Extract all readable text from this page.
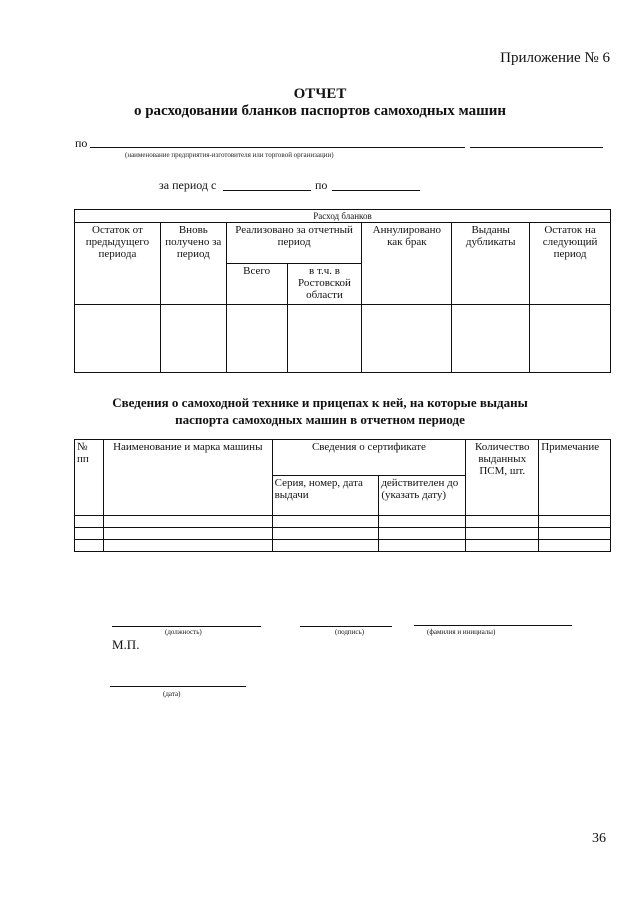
Приложение № 6
ОТЧЕТ
о расходовании бланков паспортов самоходных машин
по
(наименование предприятия-изготовителя или торговой организации)
за период с	по
Расход бланков						
Остаток от предыдущего периода	Вновь получено за период	Реализовано за отчетный период		Аннулировано как брак	Выданы дубликаты	Остаток на следующий период
		Всего	в т.ч. в Ростовской области			

Сведения о самоходной технике и прицепах к ней, на которые выданы
паспорта самоходных машин в отчетном периоде
№ пп	Наименование и марка машины	Сведения о сертификате		Количество выданных ПСМ, шт.	Примечание
		Серия, номер, дата выдачи	действителен до (указать дату)		

(должность)	(подпись)	(фамилия и инициалы)
М.П.
(дата)
36
